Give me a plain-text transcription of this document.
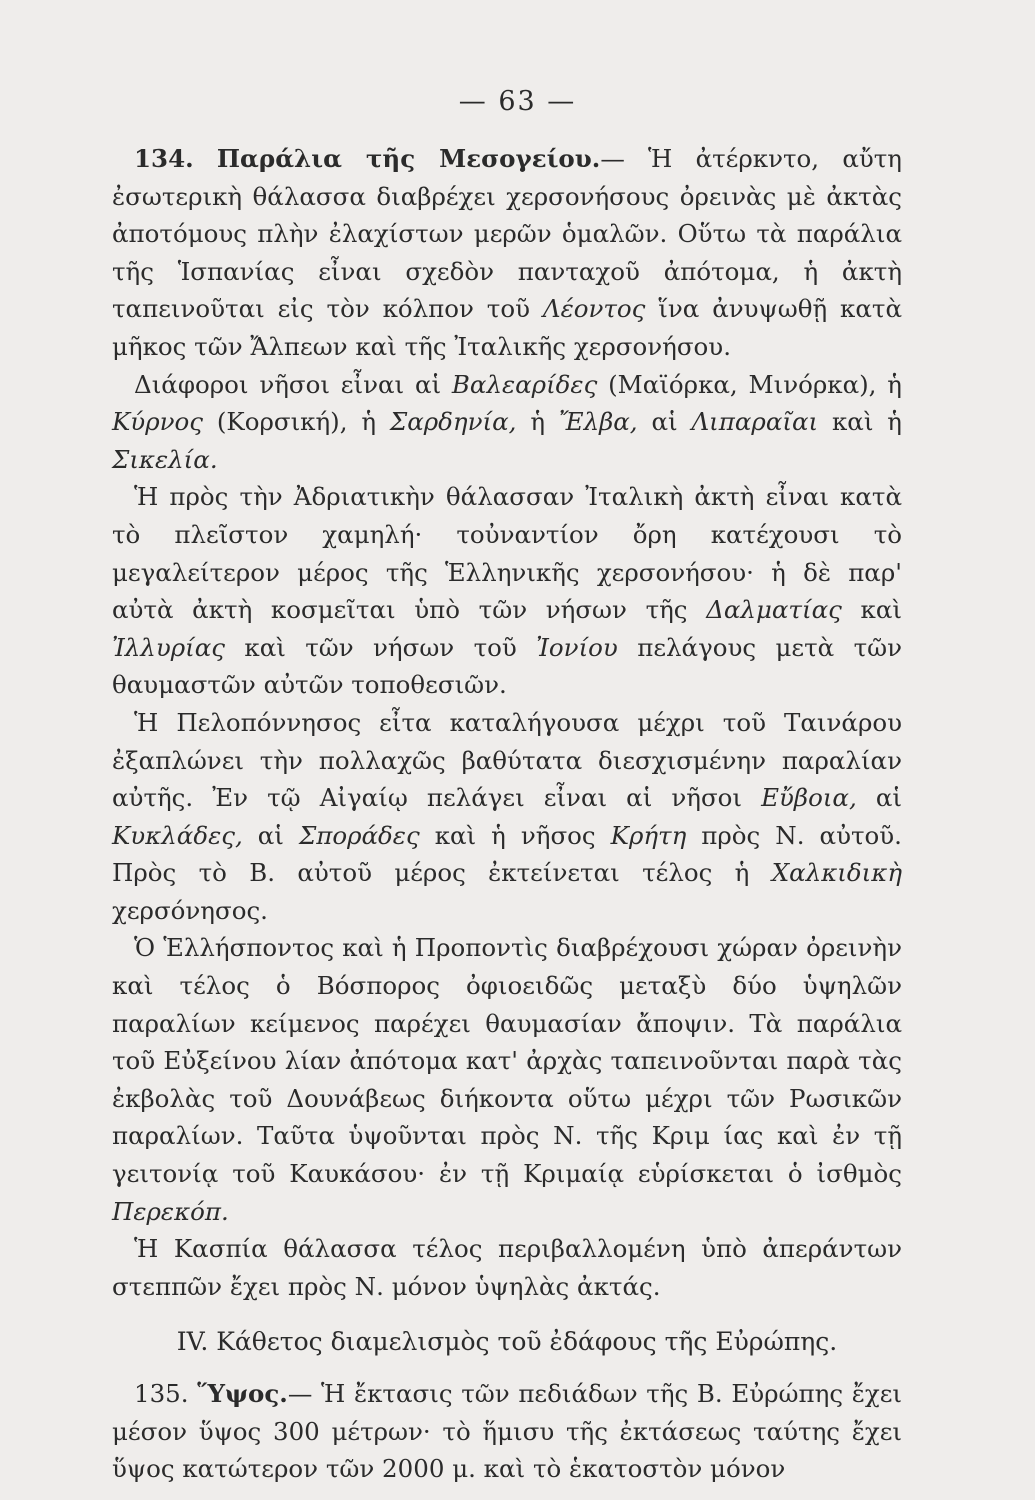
— 63 —

134. Παράλια τῆς Μεσογείου.— Ἡ ἀτέρκντο, αὔτη ἐσωτερικὴ θάλασσα διαβρέχει χερσονήσους ὀρεινὰς μὲ ἀκτὰς ἀποτόμους πλὴν ἐλαχίστων μερῶν ὁμαλῶν. Οὕτω τὰ παράλια τῆς Ἱσπανίας εἶναι σχεδὸν πανταχοῦ ἀπότομα, ἡ ἀκτὴ ταπεινοῦται εἰς τὸν κόλπον τοῦ Λέοντος ἵνα ἀνυψωθῇ κατὰ μῆκος τῶν Ἄλπεων καὶ τῆς Ἰταλικῆς χερσονήσου.

Διάφοροι νῆσοι εἶναι αἱ Βαλεαρίδες (Μαϊόρκα, Μινόρκα), ἡ Κύρνος (Κορσική), ἡ Σαρδηνία, ἡ Ἔλβα, αἱ Λιπαραῖαι καὶ ἡ Σικελία.

Ἡ πρὸς τὴν Ἀδριατικὴν θάλασσαν Ἰταλικὴ ἀκτὴ εἶναι κατὰ τὸ πλεῖστον χαμηλή· τοὐναντίον ὄρη κατέχουσι τὸ μεγαλείτερον μέρος τῆς Ἑλληνικῆς χερσονήσου· ἡ δὲ παρ' αὐτὰ ἀκτὴ κοσμεῖται ὑπὸ τῶν νήσων τῆς Δαλματίας καὶ Ἰλλυρίας καὶ τῶν νήσων τοῦ Ἰονίου πελάγους μετὰ τῶν θαυμαστῶν αὐτῶν τοποθεσιῶν.

Ἡ Πελοπόννησος εἶτα καταλήγουσα μέχρι τοῦ Ταινάρου ἐξαπλώνει τὴν πολλαχῶς βαθύτατα διεσχισμένην παραλίαν αὐτῆς. Ἐν τῷ Αἰγαίῳ πελάγει εἶναι αἱ νῆσοι Εὔβοια, αἱ Κυκλάδες, αἱ Σποράδες καὶ ἡ νῆσος Κρήτη πρὸς Ν. αὐτοῦ. Πρὸς τὸ Β. αὐτοῦ μέρος ἐκτείνεται τέλος ἡ Χαλκιδικὴ χερσόνησος.

Ὁ Ἑλλήσποντος καὶ ἡ Προποντὶς διαβρέχουσι χώραν ὀρεινὴν καὶ τέλος ὁ Βόσπορος ὀφιοειδῶς μεταξὺ δύο ὑψηλῶν παραλίων κείμενος παρέχει θαυμασίαν ἄποψιν. Τὰ παράλια τοῦ Εὐξείνου λίαν ἀπότομα κατ' ἀρχὰς ταπεινοῦνται παρὰ τὰς ἐκβολὰς τοῦ Δουνάβεως διήκοντα οὕτω μέχρι τῶν Ρωσικῶν παραλίων. Ταῦτα ὑψοῦνται πρὸς Ν. τῆς Κριμ ίας καὶ ἐν τῇ γειτονίᾳ τοῦ Καυκάσου· ἐν τῇ Κριμαίᾳ εὑρίσκεται ὁ ἰσθμὸς Περεκόπ.

Ἡ Κασπία θάλασσα τέλος περιβαλλομένη ὑπὸ ἀπεράντων στεππῶν ἔχει πρὸς Ν. μόνον ὑψηλὰς ἀκτάς.

IV. Κάθετος διαμελισμὸς τοῦ ἐδάφους τῆς Εὐρώπης.

135. Ὕψος.— Ἡ ἔκτασις τῶν πεδιάδων τῆς Β. Εὐρώπης ἔχει μέσον ὕψος 300 μέτρων· τὸ ἥμισυ τῆς ἐκτάσεως ταύτης ἔχει ὕψος κατώτερον τῶν 2000 μ. καὶ τὸ ἑκατοστὸν μόνον
